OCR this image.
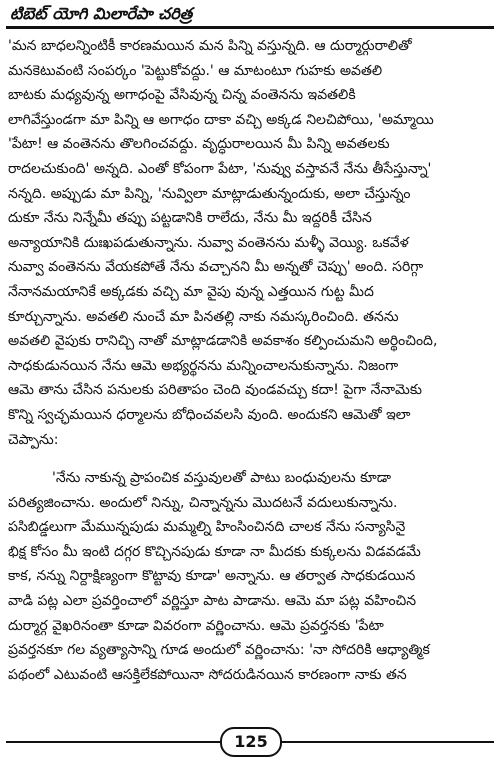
టిబెట్ యోగి మిలారేపా చరిత్ర
'మన బాధలన్నింటికీ కారణమయిన మన పిన్ని వస్తున్నది. ఆ దుర్మార్గురాలితో
మనకెటువంటి సంపర్కం 'పెట్టుకోవద్దు.' ఆ మాటంటూ గుహకు అవతలి
బాటకు మధ్యవున్న అగాధంపై వేసివున్న చిన్న వంతెనను ఇవతలికి
లాగివేస్తుండగా మా పిన్ని ఆ అగాధం దాకా వచ్చి అక్కడ నిలచిపోయి, 'అమ్మాయి
'పేటా! ఆ వంతెనను తొలగించవద్దు. వృద్ధురాలయిన మీ పిన్ని అవతలకు
రాదలచుకుంది' అన్నది. ఎంతో కోపంగా పేటా, 'నువ్వు వస్తావనే నేను తీసేస్తున్నా'
నన్నది. అప్పుడు మా పిన్ని, 'నువ్విలా మాట్లాడుతున్నందుకు, అలా చేస్తున్నం
దుకూ నేను నిన్నేమీ తప్పు పట్టడానికి రాలేదు, నేను మీ ఇద్దరికీ చేసిన
అన్యాయానికి దుఃఖపడుతున్నాను. నువ్వా వంతెనను మళ్ళీ వెయ్యి. ఒకవేళ
నువ్వా వంతెనను వేయకపోతే నేను వచ్చానని మీ అన్నతో చెప్పు' అంది. సరిగ్గా
నేనానమయానికే అక్కడకు వచ్చి మా వైపు వున్న ఎత్తయిన గుట్ట మీద
కూర్చున్నాను. అవతలి నుంచే మా పినతల్లి నాకు నమస్కరించింది. తనను
అవతలి వైపుకు రానిచ్చి నాతో మాట్లాడడానికి అవకాశం కల్పించుమని అర్థించింది,
సాధకుడునయిన నేను ఆమె అభ్యర్థనను మన్నించాలనుకున్నాను. నిజంగా
ఆమె తాను చేసిన పనులకు పరితాపం చెంది వుండవచ్చు కదా! పైగా నేనామెకు
కొన్ని స్వచ్ఛమయిన ధర్మాలను బోధించవలసి వుంది. అందుకని ఆమెతో ఇలా
చెప్పాను:
'నేను నాకున్న ప్రాపంచిక వస్తువులతో పాటు బంధువులను కూడా
పరిత్యజించాను. అందులో నిన్ను, చిన్నాన్నను మొదటనే వదులుకున్నాను.
పసిబిడ్డలుగా మేమున్నపుడు మమ్మల్ని హింసించినది చాలక నేను సన్యాసినై
భిక్ష కోసం మీ ఇంటి దగ్గర కొచ్చినపుడు కూడా నా మీదకు కుక్కలను విడవడమే
కాక, నన్ను నిర్దాక్షిణ్యంగా కొట్టావు కూడా' అన్నాను. ఆ తర్వాత సాధకుడయిన
వాడి పట్ల ఎలా ప్రవర్తించాలో వర్ణిస్తూ పాట పాడాను. ఆమె మా పట్ల వహించిన
దుర్మార్గ వైఖరినంతా కూడా వివరంగా వర్ణించాను. ఆమె ప్రవర్తనకు 'పేటా
ప్రవర్తనకూ గల వ్యత్యాసాన్ని గూడ అందులో వర్ణించాను: 'నా సోదరికి ఆధ్యాత్మిక
పథంలో ఎటువంటి ఆసక్తిలేకపోయినా సోదరుడినయిన కారణంగా నాకు తన
125
